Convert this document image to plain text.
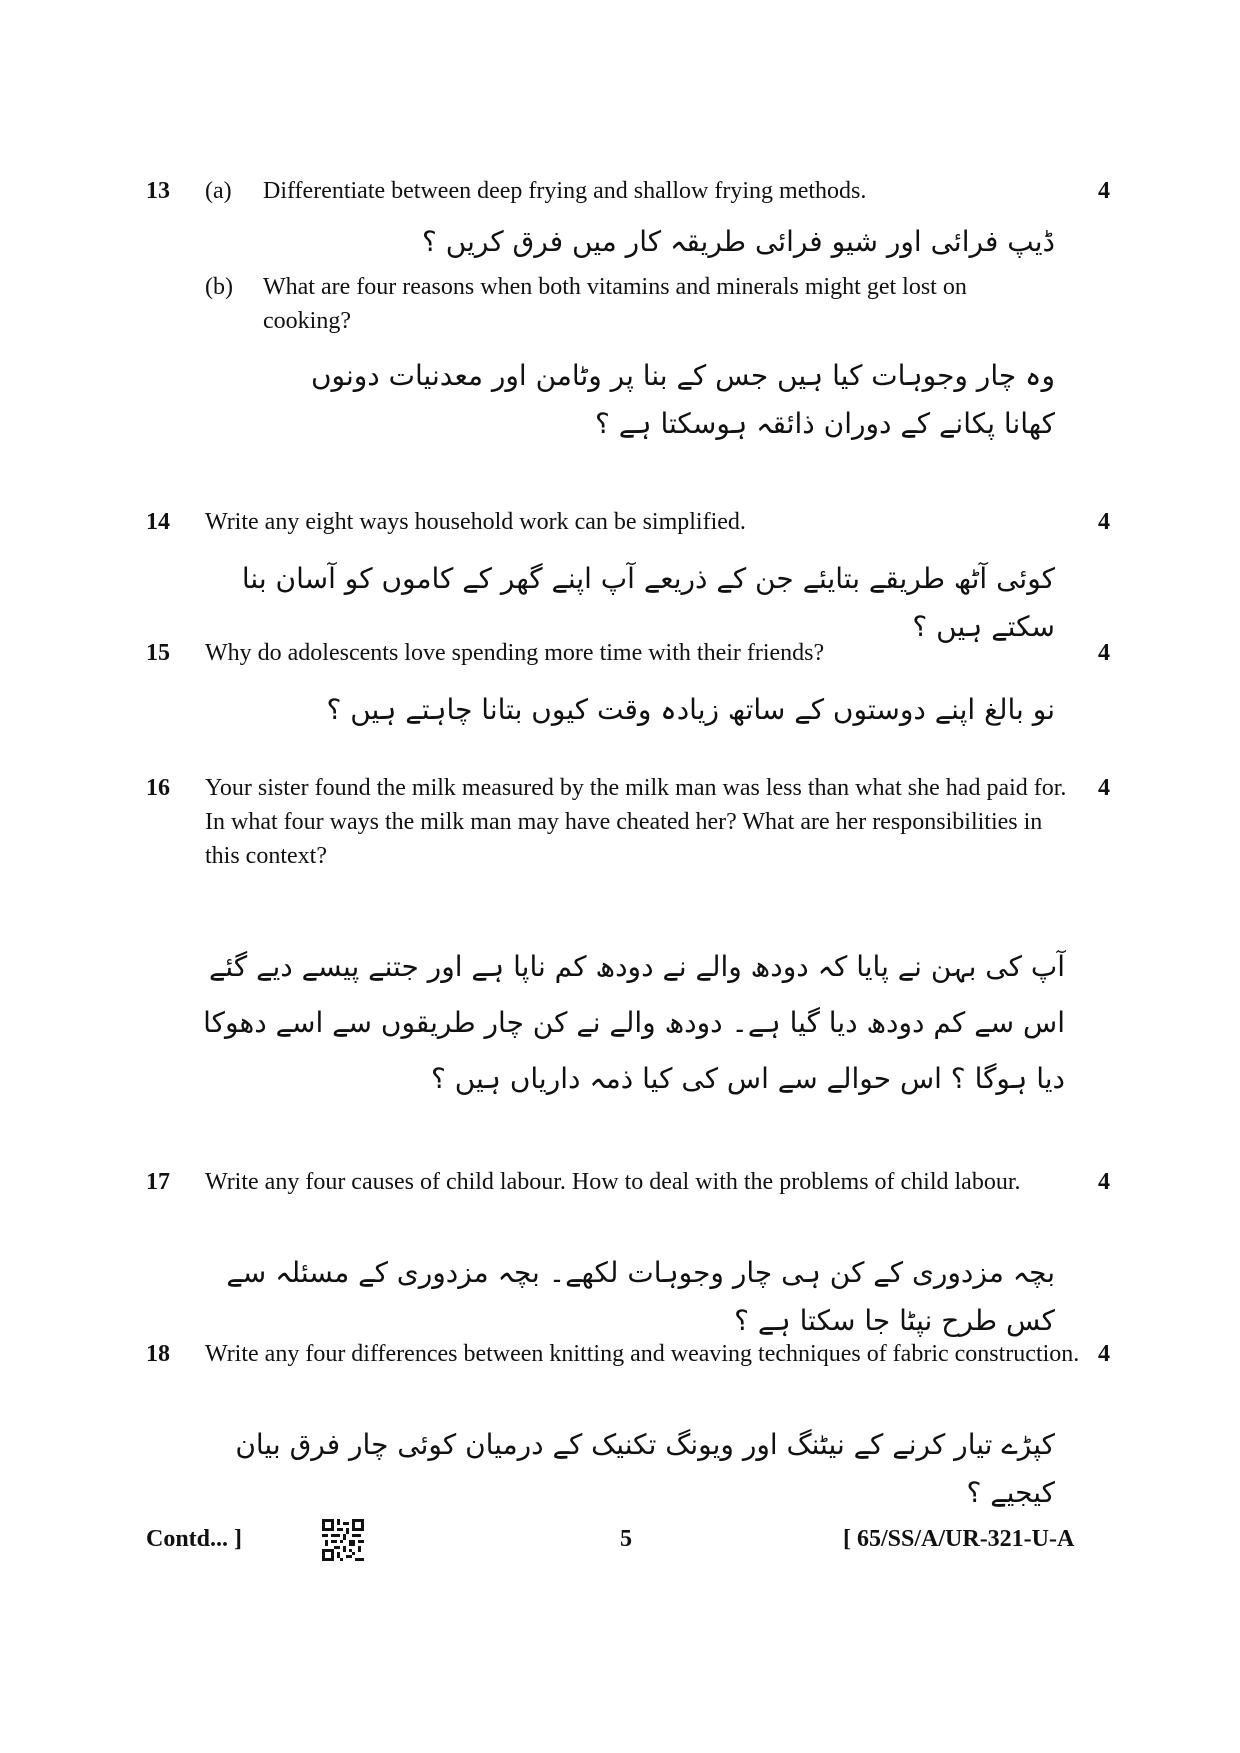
13	4
(a) Differentiate between deep frying and shallow frying methods.
ڈیپ فرائی اور شیو فرائی طریقہ کار میں فرق کریں ؟
(b) What are four reasons when both vitamins and minerals might get lost on cooking?
وہ چار وجوہات کیا ہیں جس کے بنا پر وٹامن اور معدنیات دونوں کھانا پکانے کے دوران ذائقہ ہوسکتا ہے ؟
14	4
Write any eight ways household work can be simplified.
کوئی آٹھ طریقے بتایئے جن کے ذریعے آپ اپنے گھر کے کاموں کو آسان بنا سکتے ہیں ؟
15	4
Why do adolescents love spending more time with their friends?
نو بالغ اپنے دوستوں کے ساتھ زیادہ وقت کیوں بتانا چاہتے ہیں ؟
16	4
Your sister found the milk measured by the milk man was less than what she had paid for. In what four ways the milk man may have cheated her? What are her responsibilities in this context?
آپ کی بہن نے پایا کہ دودھ والے نے دودھ کم ناپا ہے اور جتنے پیسے دیے گئے اس سے کم دودھ دیا گیا ہے۔ دودھ والے نے کن چار طریقوں سے اسے دھوکا دیا ہوگا ؟ اس حوالے سے اس کی کیا ذمہ داریاں ہیں ؟
17	4
Write any four causes of child labour. How to deal with the problems of child labour.
بچہ مزدوری کے کن ہی چار وجوہات لکھے۔ بچہ مزدوری کے مسئلہ سے کس طرح نپٹا جا سکتا ہے ؟
18	4
Write any four differences between knitting and weaving techniques of fabric construction.
کپڑے تیار کرنے کے نیٹنگ اور ویونگ تکنیک کے درمیان کوئی چار فرق بیان کیجیے ؟
Contd... ]	5	[ 65/SS/A/UR-321-U-A
